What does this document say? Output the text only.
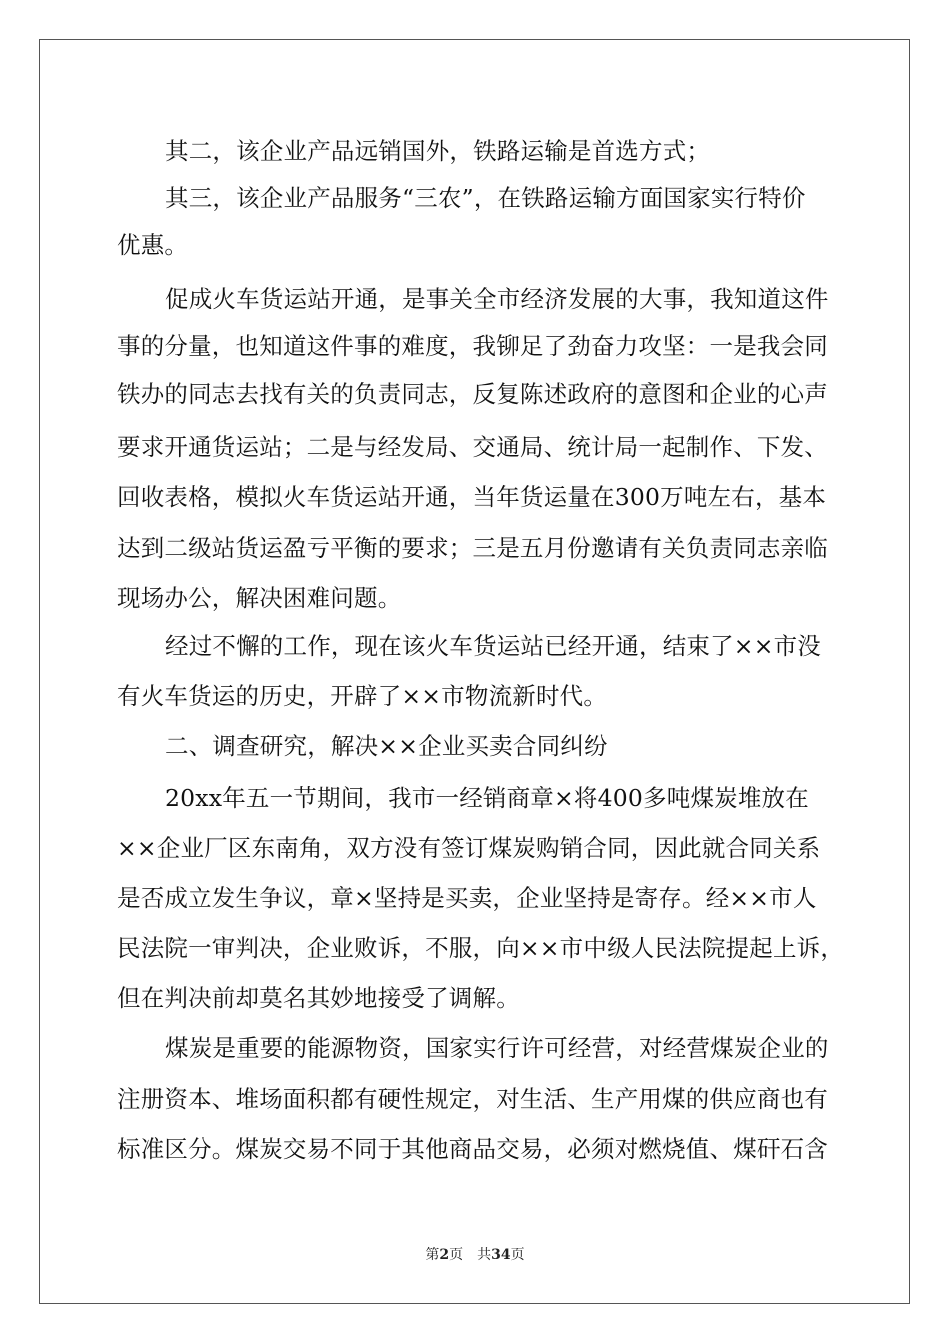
其二，该企业产品远销国外，铁路运输是首选方式；

其三，该企业产品服务“三农”，在铁路运输方面国家实行特价

优惠。

促成火车货运站开通，是事关全市经济发展的大事，我知道这件

事的分量，也知道这件事的难度，我铆足了劲奋力攻坚：一是我会同

铁办的同志去找有关的负责同志，反复陈述政府的意图和企业的心声

要求开通货运站；二是与经发局、交通局、统计局一起制作、下发、

回收表格，模拟火车货运站开通，当年货运量在300万吨左右，基本

达到二级站货运盈亏平衡的要求；三是五月份邀请有关负责同志亲临

现场办公，解决困难问题。

经过不懈的工作，现在该火车货运站已经开通，结束了××市没

有火车货运的历史，开辟了××市物流新时代。

二、调查研究，解决××企业买卖合同纠纷

20xx年五一节期间，我市一经销商章×将400多吨煤炭堆放在

××企业厂区东南角，双方没有签订煤炭购销合同，因此就合同关系

是否成立发生争议，章×坚持是买卖，企业坚持是寄存。经××市人

民法院一审判决，企业败诉，不服，向××市中级人民法院提起上诉，

但在判决前却莫名其妙地接受了调解。

煤炭是重要的能源物资，国家实行许可经营，对经营煤炭企业的

注册资本、堆场面积都有硬性规定，对生活、生产用煤的供应商也有

标准区分。煤炭交易不同于其他商品交易，必须对燃烧值、煤矸石含

第2页 共34页
